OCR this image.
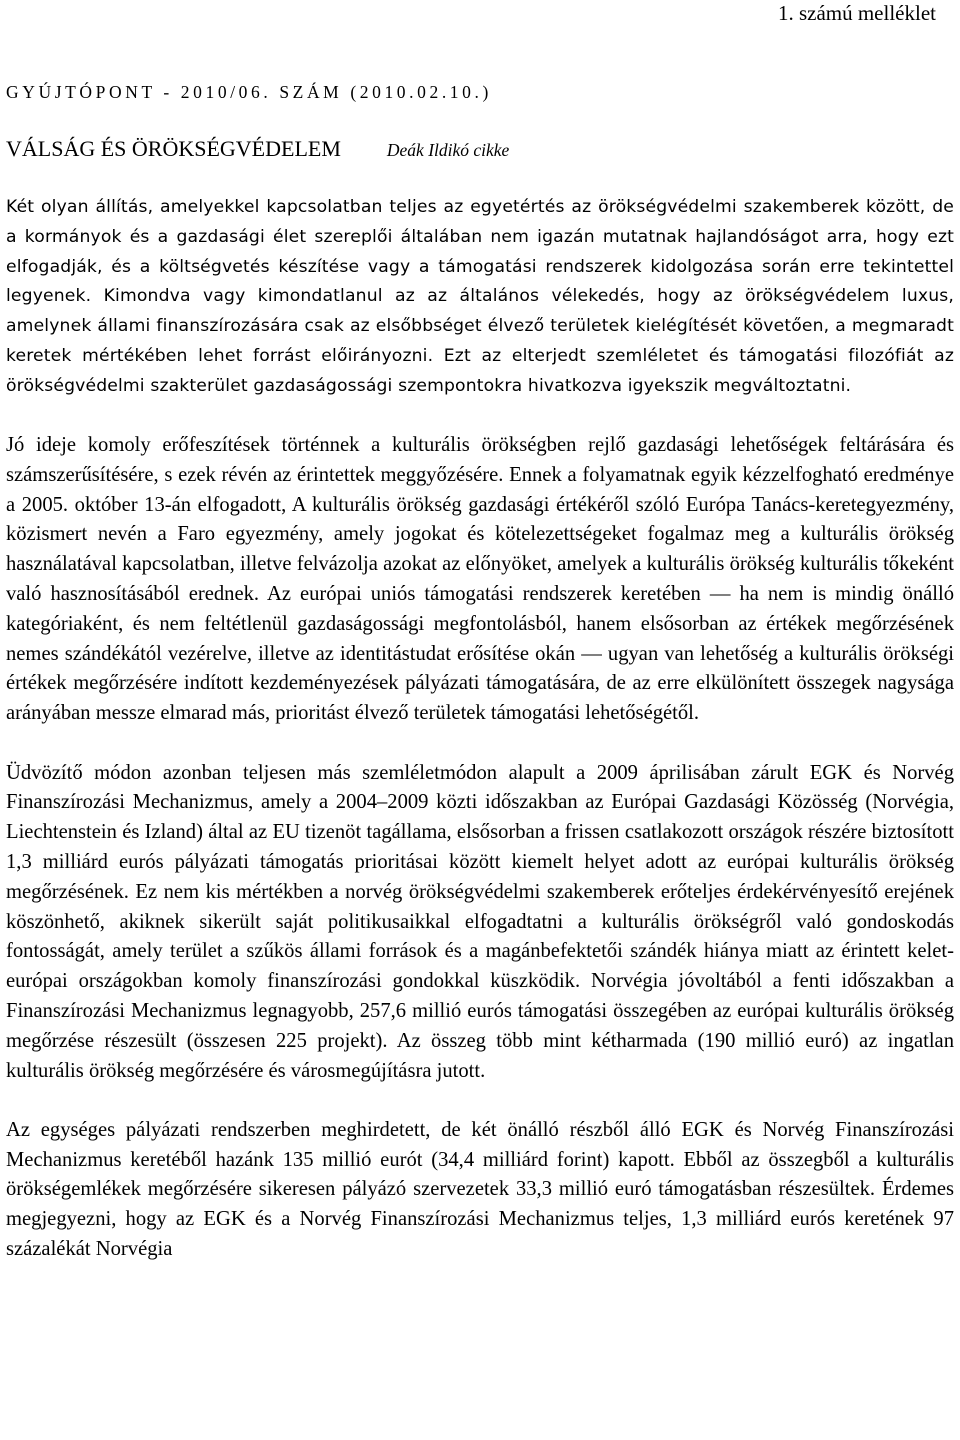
1. számú melléklet
GYÚJTÓPONT - 2010/06. SZÁM (2010.02.10.)
VÁLSÁG ÉS ÖRÖKSÉGVÉDELEM	Deák Ildikó cikke

Két olyan állítás, amelyekkel kapcsolatban teljes az egyetértés az örökségvédelmi szakemberek között, de a kormányok és a gazdasági élet szereplői általában nem igazán mutatnak hajlandóságot arra, hogy ezt elfogadják, és a költségvetés készítése vagy a támogatási rendszerek kidolgozása során erre tekintettel legyenek. Kimondva vagy kimondatlanul az az általános vélekedés, hogy az örökségvédelem luxus, amelynek állami finanszírozására csak az elsőbbséget élvező területek kielégítését követően, a megmaradt keretek mértékében lehet forrást előirányozni. Ezt az elterjedt szemléletet és támogatási filozófiát az örökségvédelmi szakterület gazdaságossági szempontokra hivatkozva igyekszik megváltoztatni.

Jó ideje komoly erőfeszítések történnek a kulturális örökségben rejlő gazdasági lehetőségek feltárására és számszerűsítésére, s ezek révén az érintettek meggyőzésére. Ennek a folyamatnak egyik kézzelfogható eredménye a 2005. október 13-án elfogadott, A kulturális örökség gazdasági értékéről szóló Európa Tanács-keretegyezmény, közismert nevén a Faro egyezmény, amely jogokat és kötelezettségeket fogalmaz meg a kulturális örökség használatával kapcsolatban, illetve felvázolja azokat az előnyöket, amelyek a kulturális örökség kulturális tőkeként való hasznosításából erednek. Az európai uniós támogatási rendszerek keretében — ha nem is mindig önálló kategóriaként, és nem feltétlenül gazdaságossági megfontolásból, hanem elsősorban az értékek megőrzésének nemes szándékától vezérelve, illetve az identitástudat erősítése okán — ugyan van lehetőség a kulturális örökségi értékek megőrzésére indított kezdeményezések pályázati támogatására, de az erre elkülönített összegek nagysága arányában messze elmarad más, prioritást élvező területek támogatási lehetőségétől.

Üdvözítő módon azonban teljesen más szemléletmódon alapult a 2009 áprilisában zárult EGK és Norvég Finanszírozási Mechanizmus, amely a 2004–2009 közti időszakban az Európai Gazdasági Közösség (Norvégia, Liechtenstein és Izland) által az EU tizenöt tagállama, elsősorban a frissen csatlakozott országok részére biztosított 1,3 milliárd eurós pályázati támogatás prioritásai között kiemelt helyet adott az európai kulturális örökség megőrzésének. Ez nem kis mértékben a norvég örökségvédelmi szakemberek erőteljes érdekérvényesítő erejének köszönhető, akiknek sikerült saját politikusaikkal elfogadtatni a kulturális örökségről való gondoskodás fontosságát, amely terület a szűkös állami források és a magánbefektetői szándék hiánya miatt az érintett kelet-európai országokban komoly finanszírozási gondokkal küszködik. Norvégia jóvoltából a fenti időszakban a Finanszírozási Mechanizmus legnagyobb, 257,6 millió eurós támogatási összegében az európai kulturális örökség megőrzése részesült (összesen 225 projekt). Az összeg több mint kétharmada (190 millió euró) az ingatlan kulturális örökség megőrzésére és városmegújításra jutott.

Az egységes pályázati rendszerben meghirdetett, de két önálló részből álló EGK és Norvég Finanszírozási Mechanizmus keretéből hazánk 135 millió eurót (34,4 milliárd forint) kapott. Ebből az összegből a kulturális örökségemlékek megőrzésére sikeresen pályázó szervezetek 33,3 millió euró támogatásban részesültek. Érdemes megjegyezni, hogy az EGK és a Norvég Finanszírozási Mechanizmus teljes, 1,3 milliárd eurós keretének 97 százalékát Norvégia
